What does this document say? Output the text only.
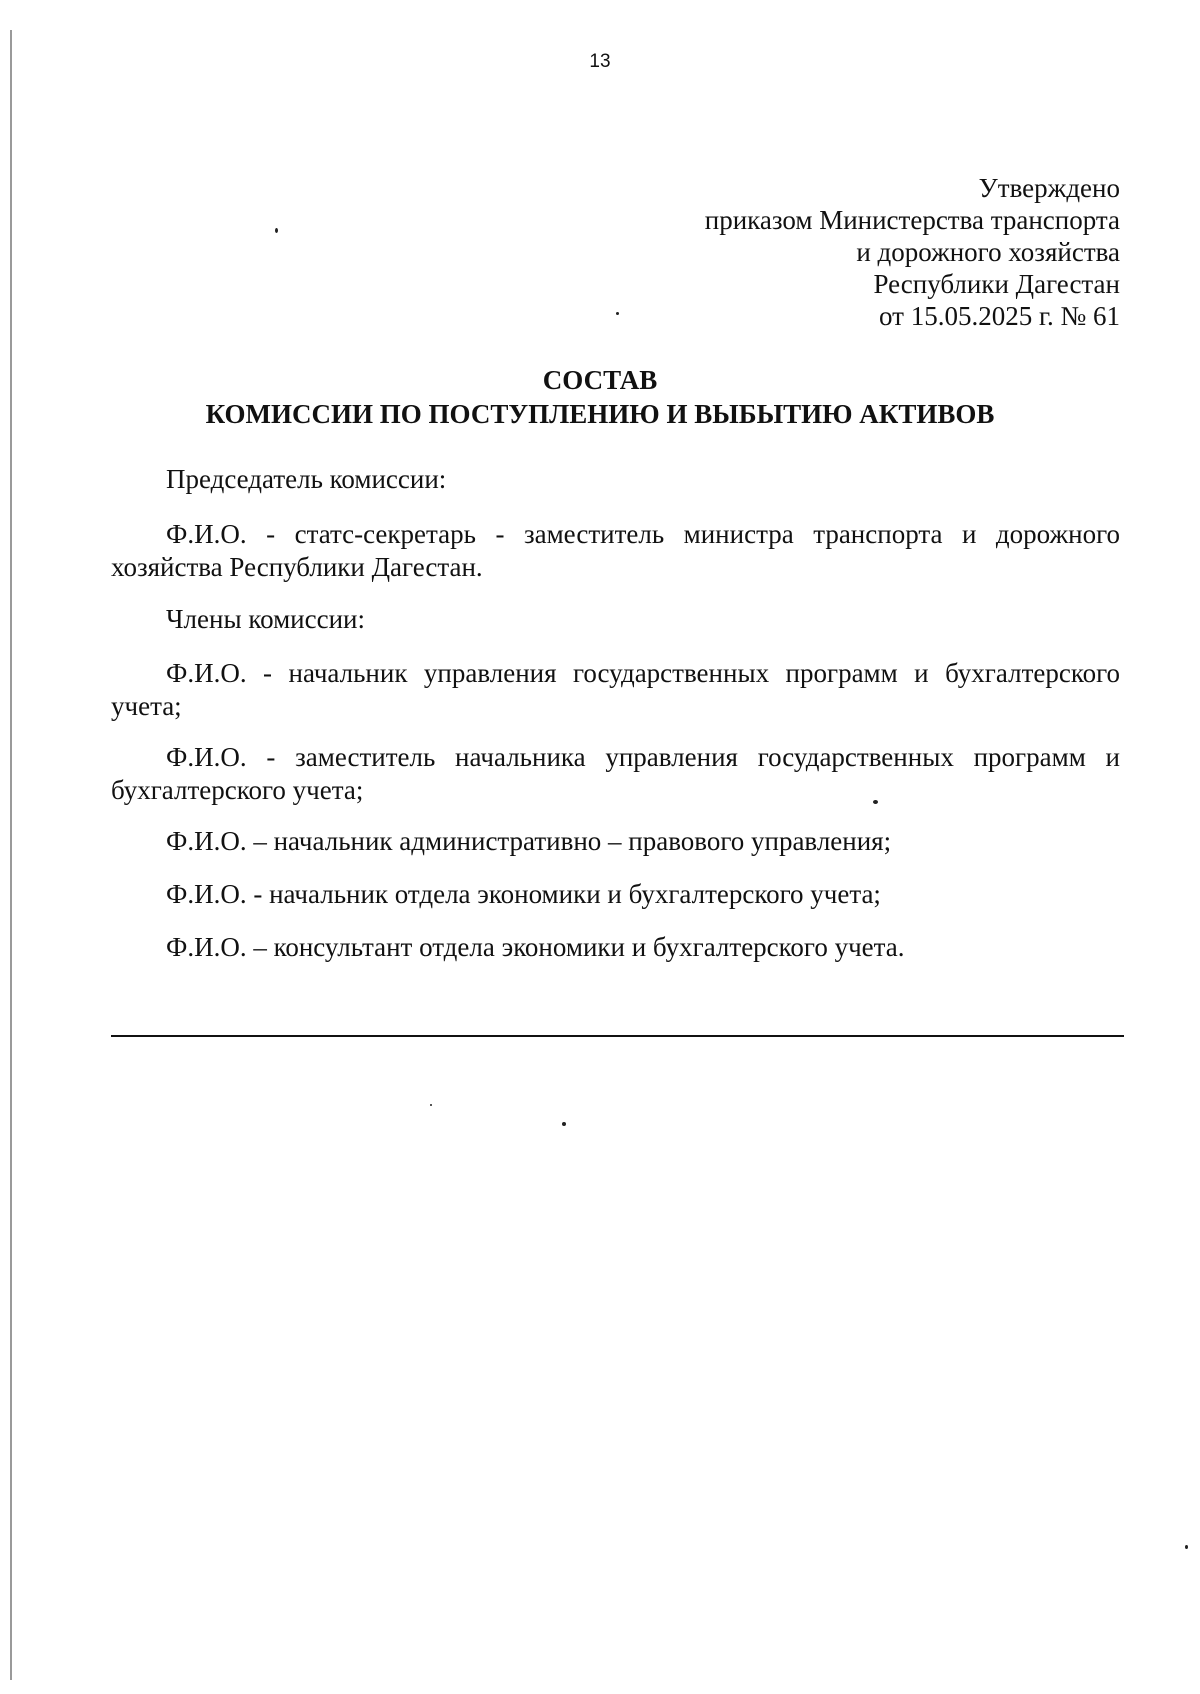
13
Утверждено
приказом Министерства транспорта
и дорожного хозяйства
Республики Дагестан
от 15.05.2025 г. № 61
СОСТАВ
КОМИССИИ ПО ПОСТУПЛЕНИЮ И ВЫБЫТИЮ АКТИВОВ
Председатель комиссии:
Ф.И.О. - статс-секретарь - заместитель министра транспорта и дорожного хозяйства Республики Дагестан.
Члены комиссии:
Ф.И.О. - начальник управления государственных программ и бухгалтерского учета;
Ф.И.О. - заместитель начальника управления государственных программ и бухгалтерского учета;
Ф.И.О. – начальник административно – правового управления;
Ф.И.О. - начальник отдела экономики и бухгалтерского учета;
Ф.И.О. – консультант отдела экономики и бухгалтерского учета.
